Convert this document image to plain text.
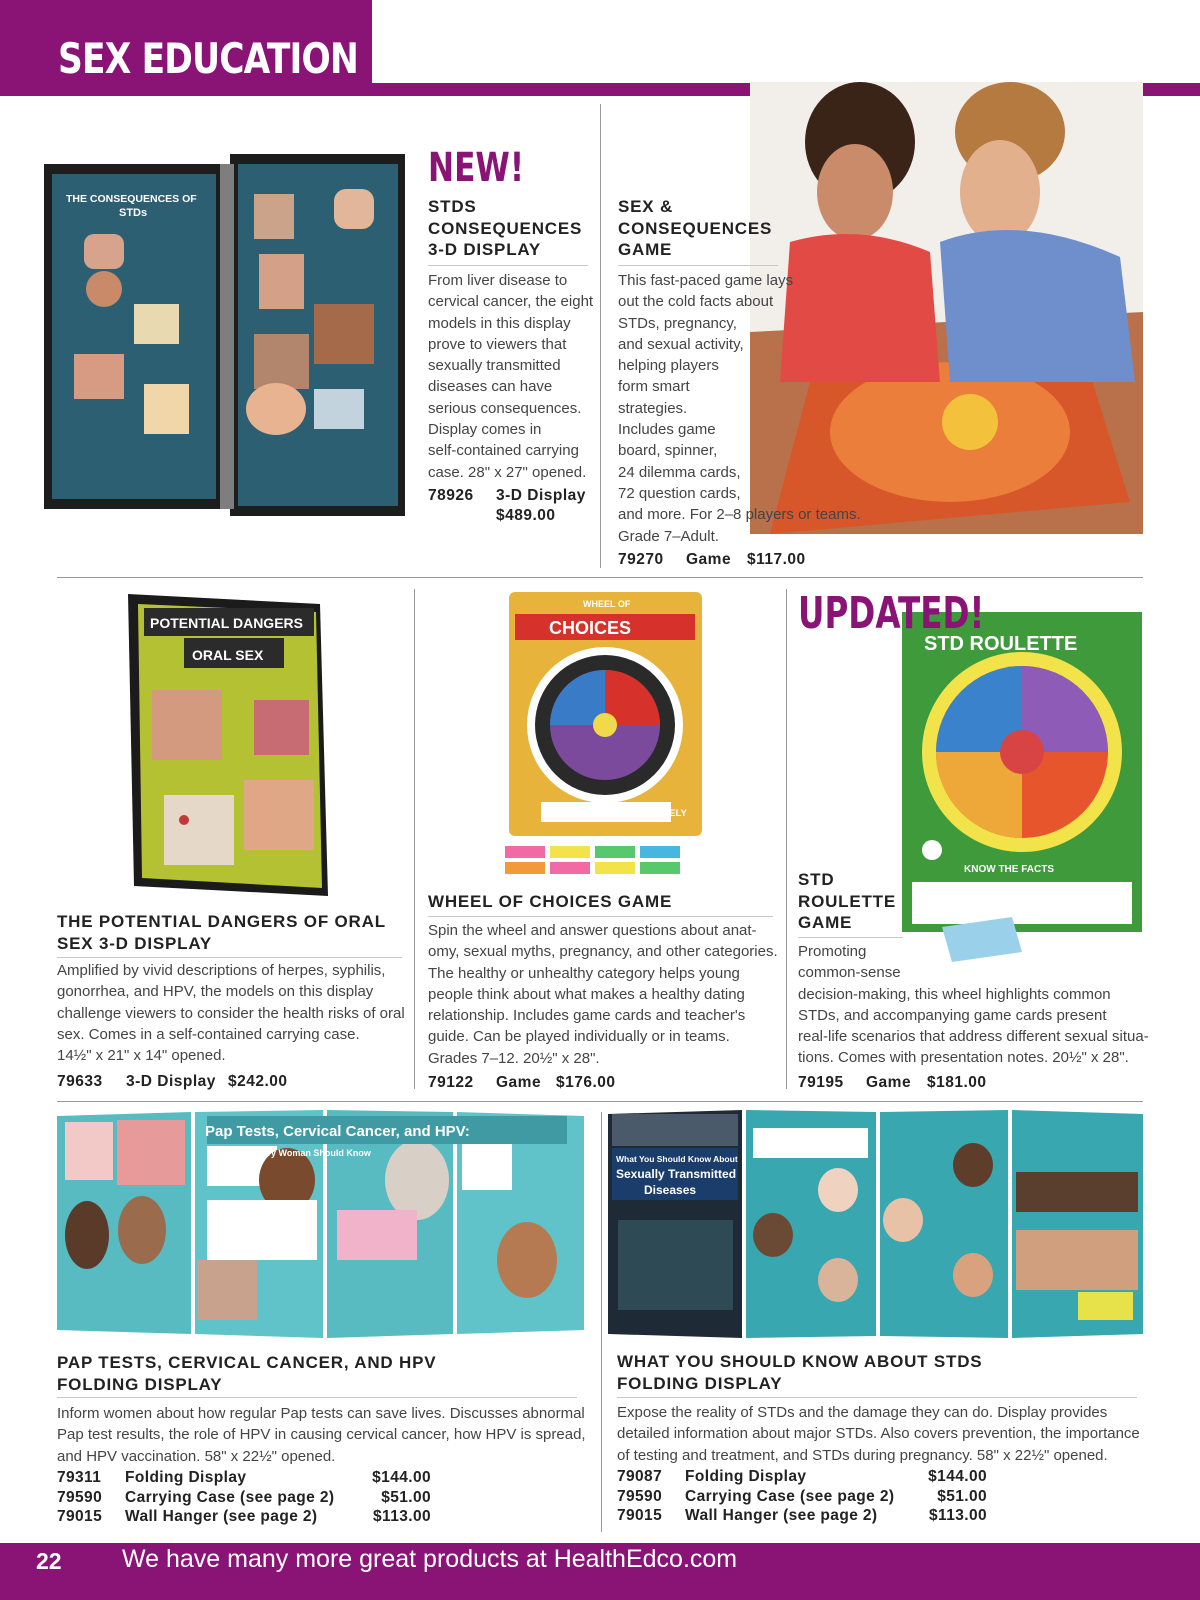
SEX EDUCATION
THE CONSEQUENCES OF
STDs
NEW!
STDS
CONSEQUENCES
3-D DISPLAY
From liver disease to
cervical cancer, the eight
models in this display
prove to viewers that
sexually transmitted
diseases can have
serious consequences.
Display comes in
self-contained carrying
case. 28" x 27" opened.
78926 3-D Display
$489.00
SEX &
CONSEQUENCES
GAME
This fast-paced game lays
out the cold facts about
STDs, pregnancy,
and sexual activity,
helping players
form smart
strategies.
Includes game
board, spinner,
24 dilemma cards,
72 question cards,
and more. For 2–8 players or teams.
Grade 7–Adult.
79270 Game $117.00
POTENTIAL DANGERS
ORAL SEX
THE POTENTIAL DANGERS OF ORAL
SEX 3-D DISPLAY
Amplified by vivid descriptions of herpes, syphilis,
gonorrhea, and HPV, the models on this display
challenge viewers to consider the health risks of oral
sex. Comes in a self-contained carrying case.
14½" x 21" x 14" opened.
79633 3-D Display $242.00
WHEEL OF
CHOICES
It's your life—CHOOSE WISELY
WHEEL OF CHOICES GAME
Spin the wheel and answer questions about anat-
omy, sexual myths, pregnancy, and other categories.
The healthy or unhealthy category helps young
people think about what makes a healthy dating
relationship. Includes game cards and teacher's
guide. Can be played individually or in teams.
Grades 7–12. 20½" x 28".
79122 Game $176.00
STD ROULETTE
KNOW THE FACTS
UPDATED!
STD
ROULETTE
GAME
Promoting
common-sense
decision-making, this wheel highlights common
STDs, and accompanying game cards present
real-life scenarios that address different sexual situa-
tions. Comes with presentation notes. 20½" x 28".
79195 Game $181.00
Pap Tests, Cervical Cancer, and HPV:
What Every Woman Should Know
PAP TESTS, CERVICAL CANCER, AND HPV
FOLDING DISPLAY
Inform women about how regular Pap tests can save lives. Discusses abnormal
Pap test results, the role of HPV in causing cervical cancer, how HPV is spread,
and HPV vaccination. 58" x 22½" opened.
79311 Folding Display	$144.00
79590 Carrying Case (see page 2)	$51.00
79015 Wall Hanger (see page 2)	$113.00
What You Should Know About
Sexually Transmitted
Diseases
WHAT YOU SHOULD KNOW ABOUT STDS
FOLDING DISPLAY
Expose the reality of STDs and the damage they can do. Display provides
detailed information about major STDs. Also covers prevention, the importance
of testing and treatment, and STDs during pregnancy. 58" x 22½" opened.
79087 Folding Display	$144.00
79590 Carrying Case (see page 2)	$51.00
79015 Wall Hanger (see page 2)	$113.00
22 We have many more great products at HealthEdco.com
